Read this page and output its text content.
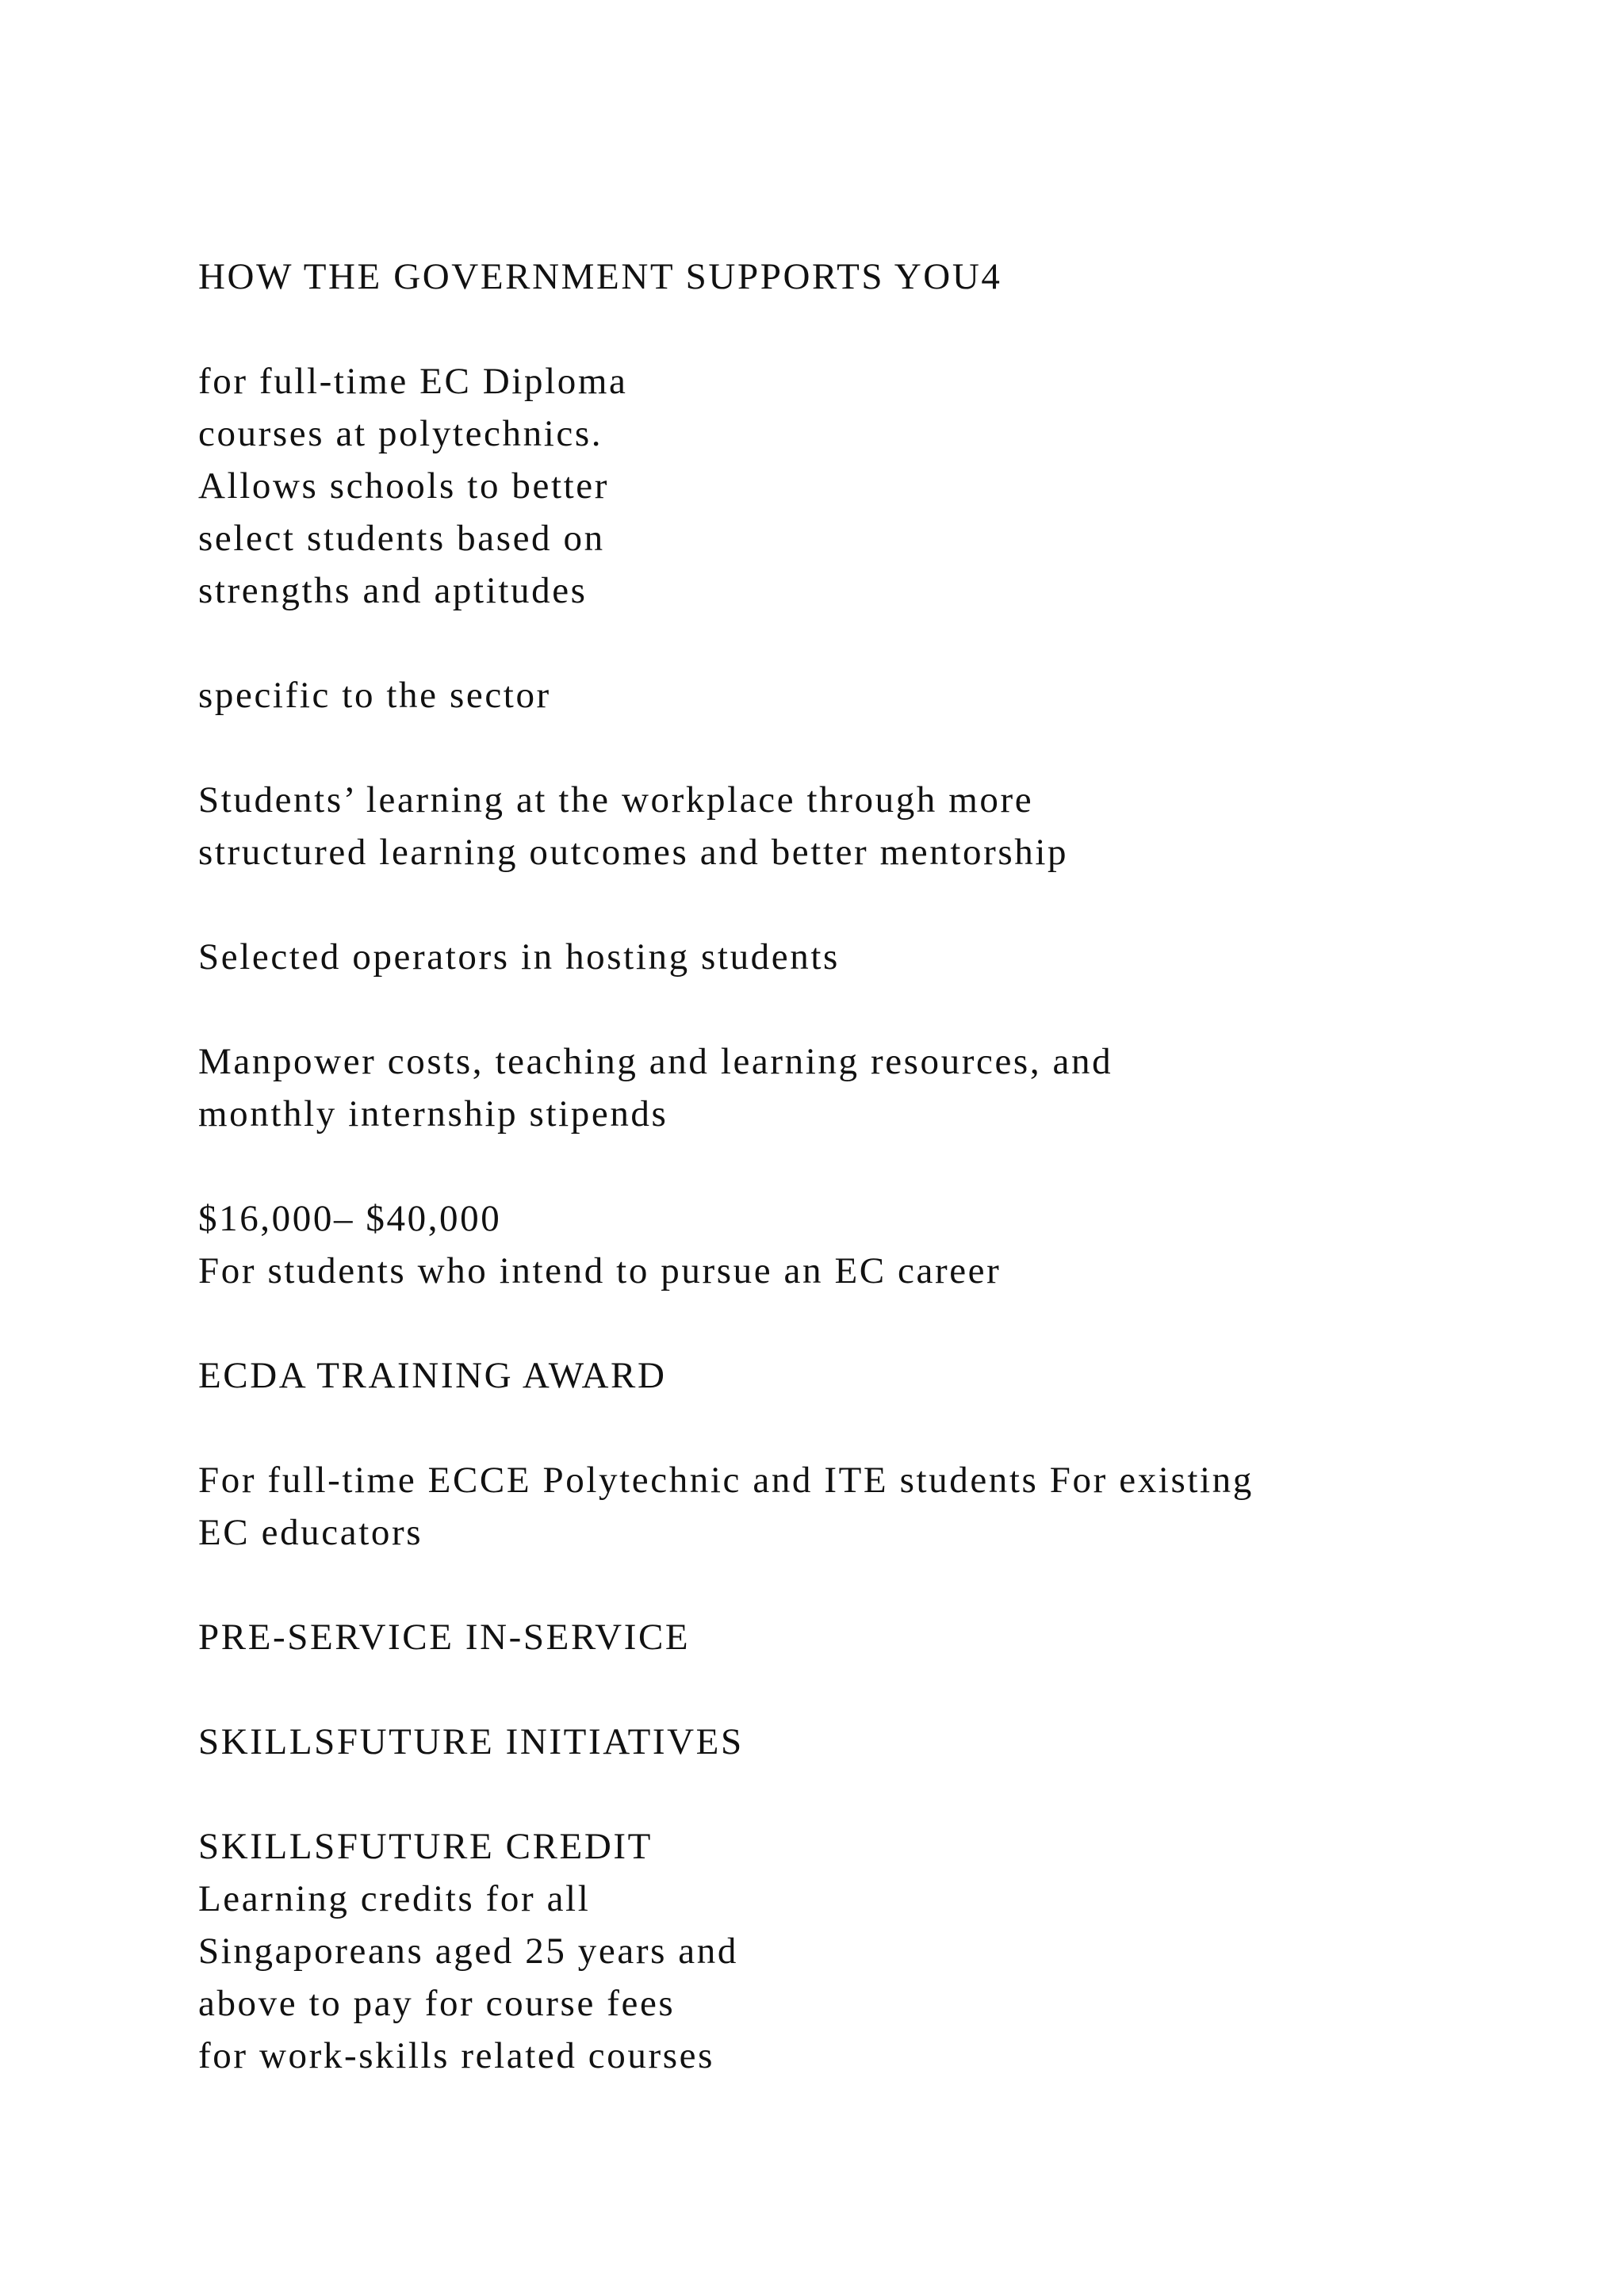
HOW THE GOVERNMENT SUPPORTS YOU4
for full-time EC Diploma
courses at polytechnics.
Allows schools to better
select students based on
strengths and aptitudes
specific to the sector
Students’ learning at the workplace through more
structured learning outcomes and better mentorship
Selected operators in hosting students
Manpower costs, teaching and learning resources, and
monthly internship stipends
$16,000– $40,000
For students who intend to pursue an EC career
ECDA TRAINING AWARD
For full-time ECCE Polytechnic and ITE students For existing
EC educators
PRE-SERVICE IN-SERVICE
SKILLSFUTURE INITIATIVES
SKILLSFUTURE CREDIT
Learning credits for all
Singaporeans aged 25 years and
above to pay for course fees
for work-skills related courses
